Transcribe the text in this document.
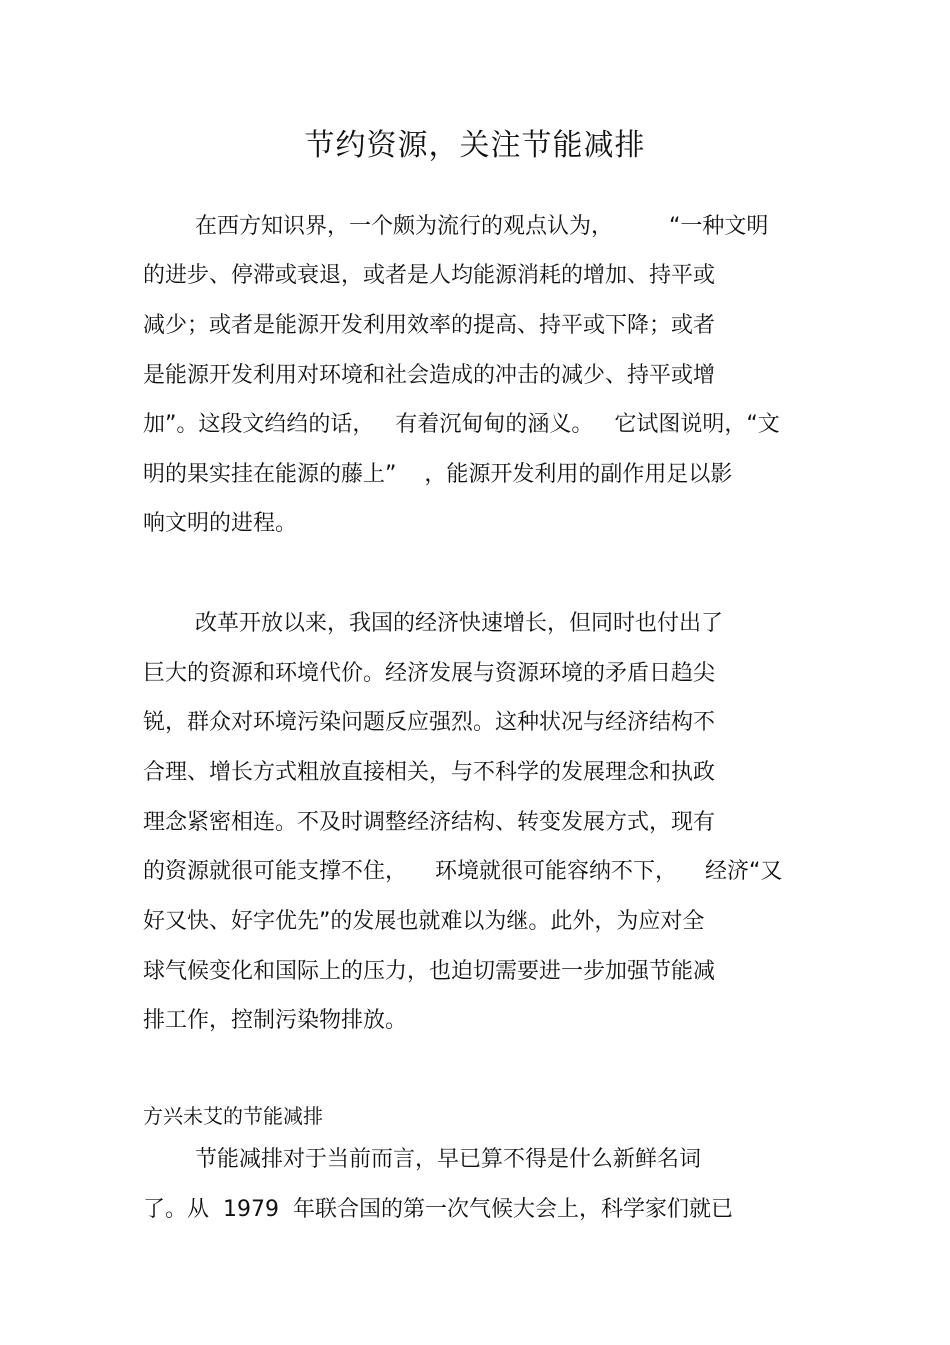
节约资源，关注节能减排
在西方知识界，一个颇为流行的观点认为，        “一种文明
的进步、停滞或衰退，或者是人均能源消耗的增加、持平或
减少；或者是能源开发利用效率的提高、持平或下降；或者
是能源开发利用对环境和社会造成的冲击的减少、持平或增
加”。这段文绉绉的话，   有着沉甸甸的涵义。   它试图说明，“文
明的果实挂在能源的藤上”    ，能源开发利用的副作用足以影
响文明的进程。
改革开放以来，我国的经济快速增长，但同时也付出了
巨大的资源和环境代价。经济发展与资源环境的矛盾日趋尖
锐，群众对环境污染问题反应强烈。这种状况与经济结构不
合理、增长方式粗放直接相关，与不科学的发展理念和执政
理念紧密相连。不及时调整经济结构、转变发展方式，现有
的资源就很可能支撑不住，    环境就很可能容纳不下，    经济“又
好又快、好字优先”的发展也就难以为继。此外，为应对全
球气候变化和国际上的压力，也迫切需要进一步加强节能减
排工作，控制污染物排放。
方兴未艾的节能减排
节能减排对于当前而言，早已算不得是什么新鲜名词
了。从  1979  年联合国的第一次气候大会上，科学家们就已
